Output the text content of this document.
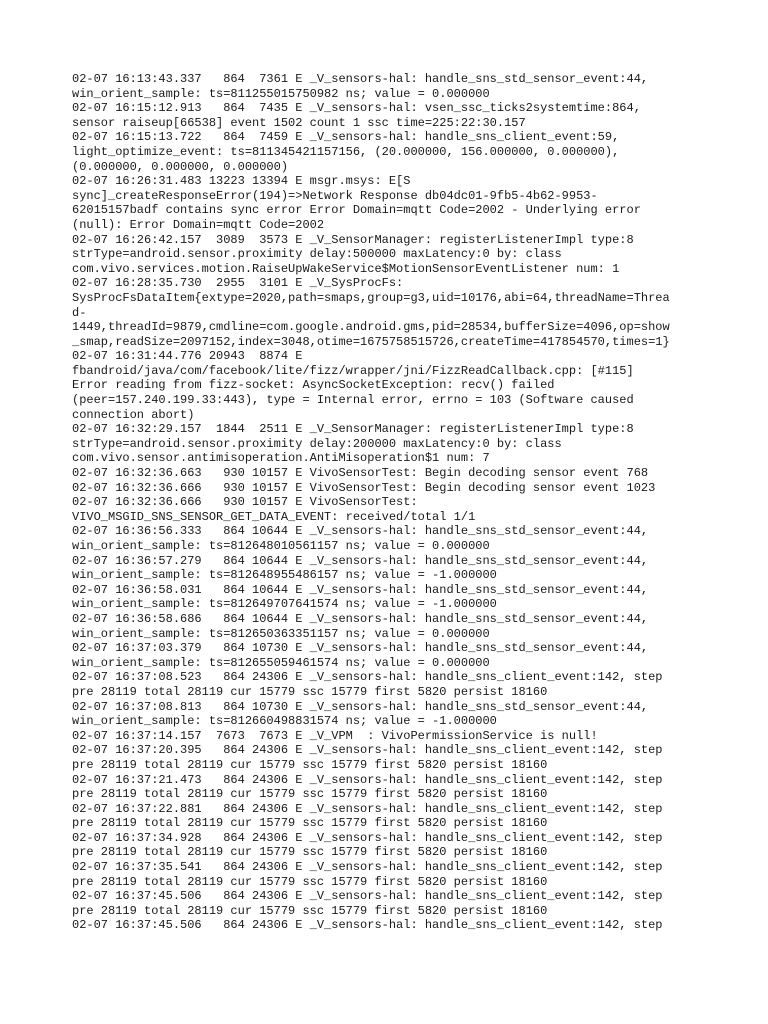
02-07 16:13:43.337   864  7361 E _V_sensors-hal: handle_sns_std_sensor_event:44,
win_orient_sample: ts=811255015750982 ns; value = 0.000000
02-07 16:15:12.913   864  7435 E _V_sensors-hal: vsen_ssc_ticks2systemtime:864,
sensor raiseup[66538] event 1502 count 1 ssc time=225:22:30.157
02-07 16:15:13.722   864  7459 E _V_sensors-hal: handle_sns_client_event:59,
light_optimize_event: ts=811345421157156, (20.000000, 156.000000, 0.000000),
(0.000000, 0.000000, 0.000000)
02-07 16:26:31.483 13223 13394 E msgr.msys: E[S
sync]_createResponseError(194)=>Network Response db04dc01-9fb5-4b62-9953-
62015157badf contains sync error Error Domain=mqtt Code=2002 - Underlying error
(null): Error Domain=mqtt Code=2002
02-07 16:26:42.157  3089  3573 E _V_SensorManager: registerListenerImpl type:8
strType=android.sensor.proximity delay:500000 maxLatency:0 by: class
com.vivo.services.motion.RaiseUpWakeService$MotionSensorEventListener num: 1
02-07 16:28:35.730  2955  3101 E _V_SysProcFs:
SysProcFsDataItem{extype=2020,path=smaps,group=g3,uid=10176,abi=64,threadName=Threa
d-
1449,threadId=9879,cmdline=com.google.android.gms,pid=28534,bufferSize=4096,op=show
_smap,readSize=2097152,index=3048,otime=1675758515726,createTime=417854570,times=1}
02-07 16:31:44.776 20943  8874 E
fbandroid/java/com/facebook/lite/fizz/wrapper/jni/FizzReadCallback.cpp: [#115]
Error reading from fizz-socket: AsyncSocketException: recv() failed
(peer=157.240.199.33:443), type = Internal error, errno = 103 (Software caused
connection abort)
02-07 16:32:29.157  1844  2511 E _V_SensorManager: registerListenerImpl type:8
strType=android.sensor.proximity delay:200000 maxLatency:0 by: class
com.vivo.sensor.antimisoperation.AntiMisoperation$1 num: 7
02-07 16:32:36.663   930 10157 E VivoSensorTest: Begin decoding sensor event 768
02-07 16:32:36.666   930 10157 E VivoSensorTest: Begin decoding sensor event 1023
02-07 16:32:36.666   930 10157 E VivoSensorTest:
VIVO_MSGID_SNS_SENSOR_GET_DATA_EVENT: received/total 1/1
02-07 16:36:56.333   864 10644 E _V_sensors-hal: handle_sns_std_sensor_event:44,
win_orient_sample: ts=812648010561157 ns; value = 0.000000
02-07 16:36:57.279   864 10644 E _V_sensors-hal: handle_sns_std_sensor_event:44,
win_orient_sample: ts=812648955486157 ns; value = -1.000000
02-07 16:36:58.031   864 10644 E _V_sensors-hal: handle_sns_std_sensor_event:44,
win_orient_sample: ts=812649707641574 ns; value = -1.000000
02-07 16:36:58.686   864 10644 E _V_sensors-hal: handle_sns_std_sensor_event:44,
win_orient_sample: ts=812650363351157 ns; value = 0.000000
02-07 16:37:03.379   864 10730 E _V_sensors-hal: handle_sns_std_sensor_event:44,
win_orient_sample: ts=812655059461574 ns; value = 0.000000
02-07 16:37:08.523   864 24306 E _V_sensors-hal: handle_sns_client_event:142, step
pre 28119 total 28119 cur 15779 ssc 15779 first 5820 persist 18160
02-07 16:37:08.813   864 10730 E _V_sensors-hal: handle_sns_std_sensor_event:44,
win_orient_sample: ts=812660498831574 ns; value = -1.000000
02-07 16:37:14.157  7673  7673 E _V_VPM  : VivoPermissionService is null!
02-07 16:37:20.395   864 24306 E _V_sensors-hal: handle_sns_client_event:142, step
pre 28119 total 28119 cur 15779 ssc 15779 first 5820 persist 18160
02-07 16:37:21.473   864 24306 E _V_sensors-hal: handle_sns_client_event:142, step
pre 28119 total 28119 cur 15779 ssc 15779 first 5820 persist 18160
02-07 16:37:22.881   864 24306 E _V_sensors-hal: handle_sns_client_event:142, step
pre 28119 total 28119 cur 15779 ssc 15779 first 5820 persist 18160
02-07 16:37:34.928   864 24306 E _V_sensors-hal: handle_sns_client_event:142, step
pre 28119 total 28119 cur 15779 ssc 15779 first 5820 persist 18160
02-07 16:37:35.541   864 24306 E _V_sensors-hal: handle_sns_client_event:142, step
pre 28119 total 28119 cur 15779 ssc 15779 first 5820 persist 18160
02-07 16:37:45.506   864 24306 E _V_sensors-hal: handle_sns_client_event:142, step
pre 28119 total 28119 cur 15779 ssc 15779 first 5820 persist 18160
02-07 16:37:45.506   864 24306 E _V_sensors-hal: handle_sns_client_event:142, step
